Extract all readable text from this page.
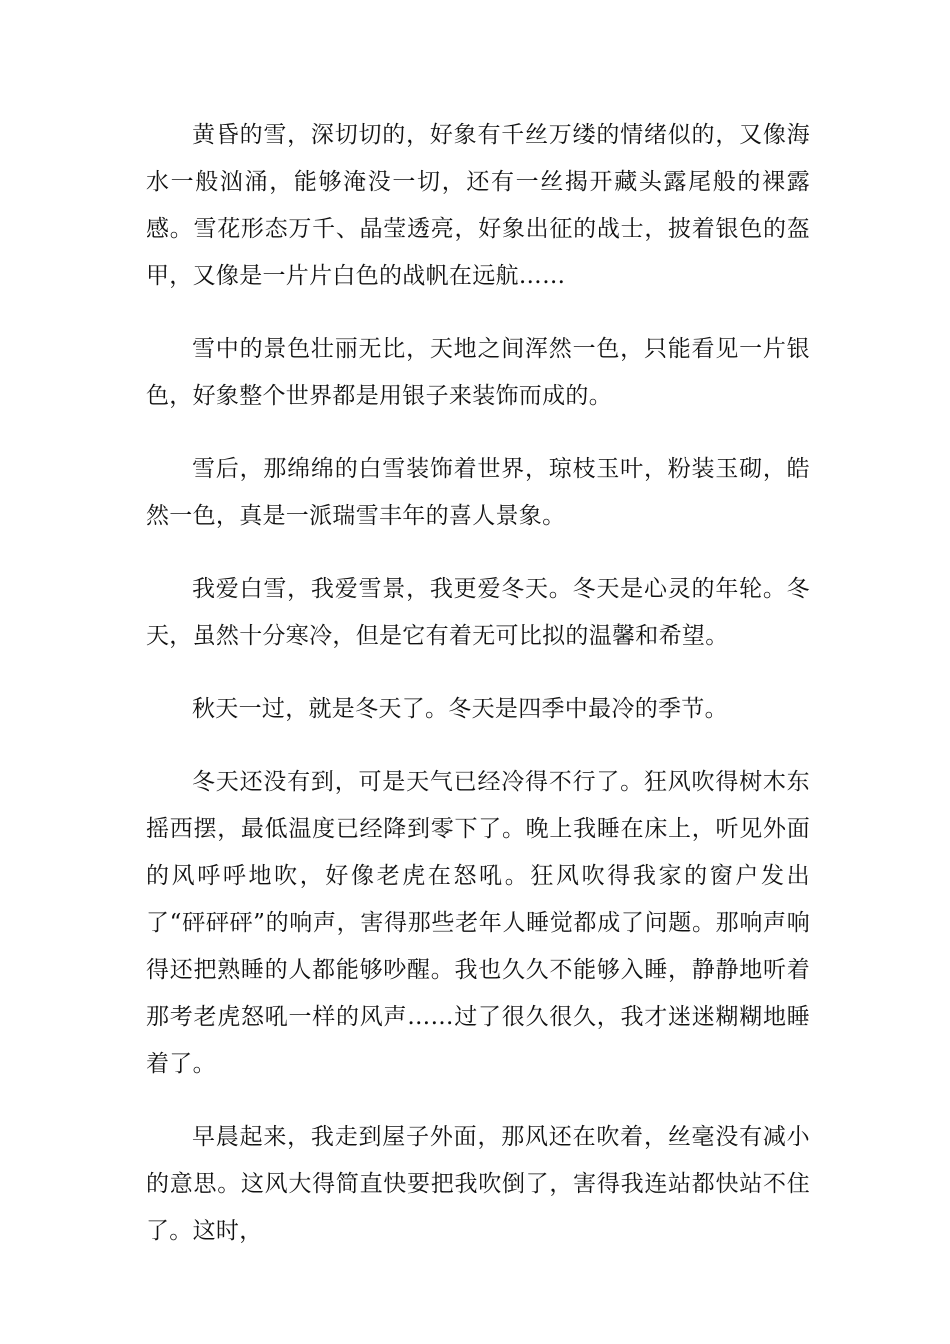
黄昏的雪，深切切的，好象有千丝万缕的情绪似的，又像海水一般汹涌，能够淹没一切，还有一丝揭开藏头露尾般的裸露感。雪花形态万千、晶莹透亮，好象出征的战士，披着银色的盔甲，又像是一片片白色的战帆在远航……

雪中的景色壮丽无比，天地之间浑然一色，只能看见一片银色，好象整个世界都是用银子来装饰而成的。

雪后，那绵绵的白雪装饰着世界，琼枝玉叶，粉装玉砌，皓然一色，真是一派瑞雪丰年的喜人景象。

我爱白雪，我爱雪景，我更爱冬天。冬天是心灵的年轮。冬天，虽然十分寒冷，但是它有着无可比拟的温馨和希望。

秋天一过，就是冬天了。冬天是四季中最冷的季节。

冬天还没有到，可是天气已经冷得不行了。狂风吹得树木东摇西摆，最低温度已经降到零下了。晚上我睡在床上，听见外面的风呼呼地吹，好像老虎在怒吼。狂风吹得我家的窗户发出了“砰砰砰”的响声，害得那些老年人睡觉都成了问题。那响声响得还把熟睡的人都能够吵醒。我也久久不能够入睡，静静地听着那考老虎怒吼一样的风声……过了很久很久，我才迷迷糊糊地睡着了。

早晨起来，我走到屋子外面，那风还在吹着，丝毫没有减小的意思。这风大得简直快要把我吹倒了，害得我连站都快站不住了。这时，
